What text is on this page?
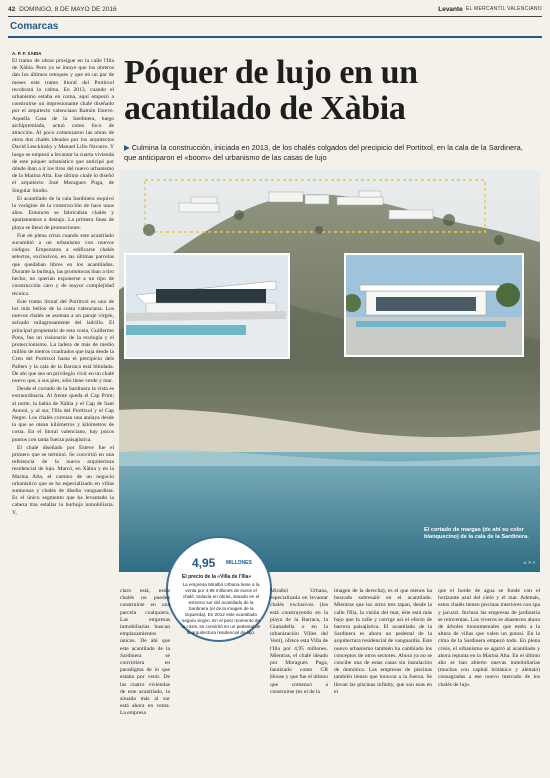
42 DOMINGO, 8 DE MAYO DE 2016	Levante EL MERCANTIL VALENCIANO
Comarcas
A. P. F. XÀBIA

El tramo de obras prosigue en la calle l'Illa de Xàbia. Pero ya se intuye que los obreros dan los últimos retoques y que en un par de meses este tramo litoral del Portitxol recobrará la calma. En 2013, cuando el urbanismo estaba en coma, aquí empezó a construirse un impresionante chalé diseñado por el arquitecto valenciano Ramón Esteve. Aquella Casa de la Sardinera, luego archipremiada, actuó como foco de atracción. Al poco comenzaron las obras de otros dos chalés ideados por los arquitectos David Lesckinsky y Manuel Lillo Navarro. Y luego se empezó a levantar la cuarta vivienda de este póquer urbanístico que anticipó por dónde iban a ir los tiros del nuevo urbanismo de la Marina Alta. Ese último chalé lo diseñó el arquitecto José Moragues Puga, de Singular Studio.

El acantilado de la cala Sardinera esquivó la vorágine de la construcción de hace unos años. Entonces se fabricaban chalés y apartamentos a destajo. La primera línea de playa se llenó de promociones.

Fue en plena crisis cuando este acantilado sucumbió a un urbanismo con nuevos códigos. Empezaron a edificarse chalés selectos, exclusivos, en las últimas parcelas que quedaban libres en los acantilados. Durante la burbuja, las promotoras iban a tiro hecho, no querían exponerse a un tipo de construcción caro y de mayor complejidad técnica.

Este tramo litoral del Portitxol es uno de los más bellos de la costa valenciana. Los nuevos chalés se asoman a un paraje virgen, salvado milagrosamente del ladrillo. El principal propietario de esta costa, Guillermo Pons, fue un visionario de la ecología y el proteccionismo. La ladera de más de medio millón de metros cuadrados que baja desde la Creu del Portitxol hasta el precipicio dels Pallers y la cala de la Barraca está blindada. De ahí que sea un privilegio vivir en un chalé nuevo que, a sus pies, sólo tiene verde y mar.

Desde el cortado de la Sardinera la vista es extraordinaria. Al frente queda el Cap Prim; al norte, la bahía de Xàbia y el Cap de Sant Antoni, y al sur, l'Illa del Portitxol y el Cap Negre. Los chalés coronan una atalaya desde la que se otean kilómetros y kilómetros de costa. En el litoral valenciano, hay pocos puntos con tanta fuerza paisajística.

El chalé diseñado por Esteve fue el primero que se terminó. Se convirtió en una referencia de la nueva arquitectura residencial de lujo. Marcó, en Xàbia y en la Marina Alta, el camino de un negocio urbanístico que se ha especializado en villas suntuosas y chalés de diseño vanguardista. Es el único segmento que ha levantado la cabeza tras estallar la burbuja inmobiliaria. Y,

Póquer de lujo en un
acantilado de Xàbia
▶ Culmina la construcción, iniciada en 2013, de los chalés colgados del precipicio del Portitxol, en la cala de la Sardinera, que anticiparon el «boom» del urbanismo de las casas de lujo
El cortado de margas (de ahí su color blanquecino) de la cala de la Sardinera.
A. P. F.
4,95 MILLONES
El precio de la «Villa de l'Illa»
La empresa Miralbó Urbana tiene a la venta por 4,95 millones de euros el chalé, todavía en obras, situado en el extremo sur del acantilado de la Sardinera (el de la imagen de la izquierda). En 2012 este acantilado seguía virgen. En el peor momento de la crisis, se convirtió en un pedestal de la arquitectura residencial de lujo.

claro está, estos chalés no pueden construirse en una parcela cualquiera. Las empresas inmobiliarias buscan emplazamientos únicos. De ahí que este acantilado de la Sardinera se convirtiera en paradigma de lo que estaba por venir. De las cuatro viviendas de este acantilado, la situada más al sur está ahora en venta. La empresa

Miralbó Urbana, especializada en levantar chalés exclusivos (los está construyendo en la playa de la Barraca, la Granadella o en la urbanización Villes del Vent), ofrece esta Villa de l'Illa por 4,95 millones. Mientras, el chalé ideado por Moragues Puga, bautizado como CR House y que fue el último que comenzó a construirse (es el de la

imagen de la derecha), es el que menos ha buscado sobresalir en el acantilado. Mientras que los otros tres tapan, desde la calle l'Illa, la visión del mar, éste está más bajo que la calle y corrige así el efecto de barrera paisajística. El acantilado de la Sardinera es ahora un pedestal de la arquitectura residencial de vanguardia. Este nuevo urbanismo también ha cambiado los conceptos de otros sectores. Ahora ya no se concibe una de estas casas sin instalación de domótica. Las empresas de piscinas también tienen que innovar a la fuerza. Se llevan las piscinas infinity, que son esas en el

que el borde de agua se funde con el horizonte azul del cielo y el mar. Además, estos chalés tienen piscinas interiores con spa y jacuzzi. Incluso las empresas de jardinería se reinventan. Los viveros se abastecen ahora de árboles monumentales que estén a la altura de villas que valen un potosí. En la cima de la Sardinera empezó todo. En plena crisis, el urbanismo se agarró al acantilado y ahora repunta en la Marina Alta. En el último año se han abierto nuevas inmobiliarias (muchas con capital británico y alemán) consagradas a ese nuevo mercado de los chalés de lujo.
